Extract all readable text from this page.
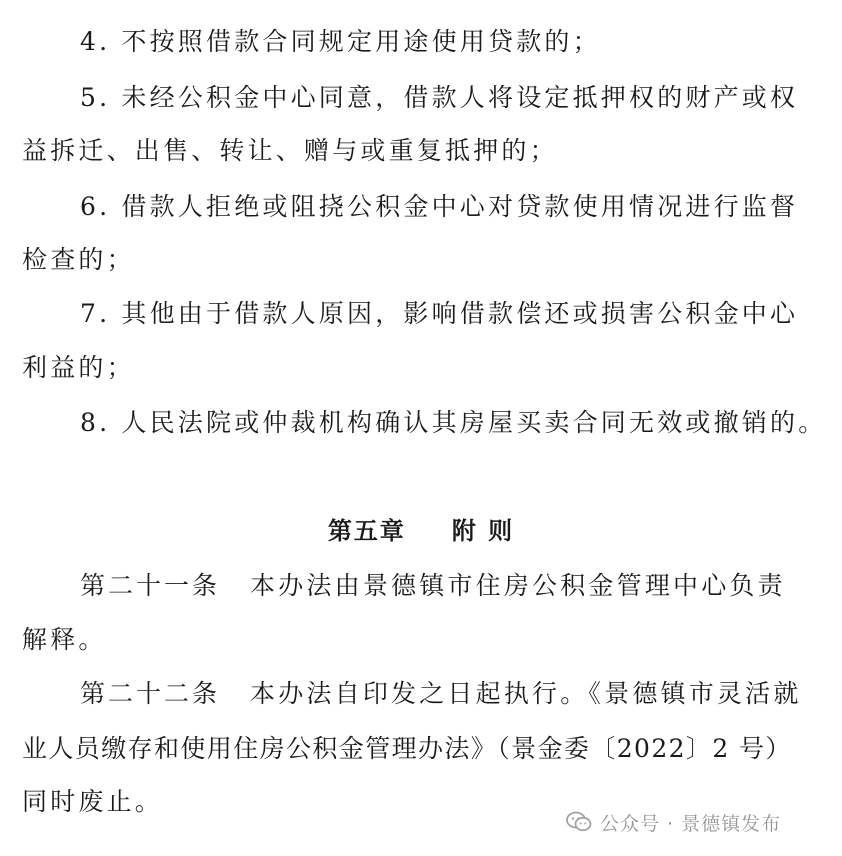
4. 不按照借款合同规定用途使用贷款的；
5. 未经公积金中心同意，借款人将设定抵押权的财产或权
益拆迁、出售、转让、赠与或重复抵押的；
6. 借款人拒绝或阻挠公积金中心对贷款使用情况进行监督
检查的；
7. 其他由于借款人原因，影响借款偿还或损害公积金中心
利益的；
8. 人民法院或仲裁机构确认其房屋买卖合同无效或撤销的。
第五章 附 则
第二十一条 本办法由景德镇市住房公积金管理中心负责
解释。
第二十二条 本办法自印发之日起执行。《景德镇市灵活就
业人员缴存和使用住房公积金管理办法》（景金委〔2022〕2 号）
同时废止。
公众号 · 景德镇发布
